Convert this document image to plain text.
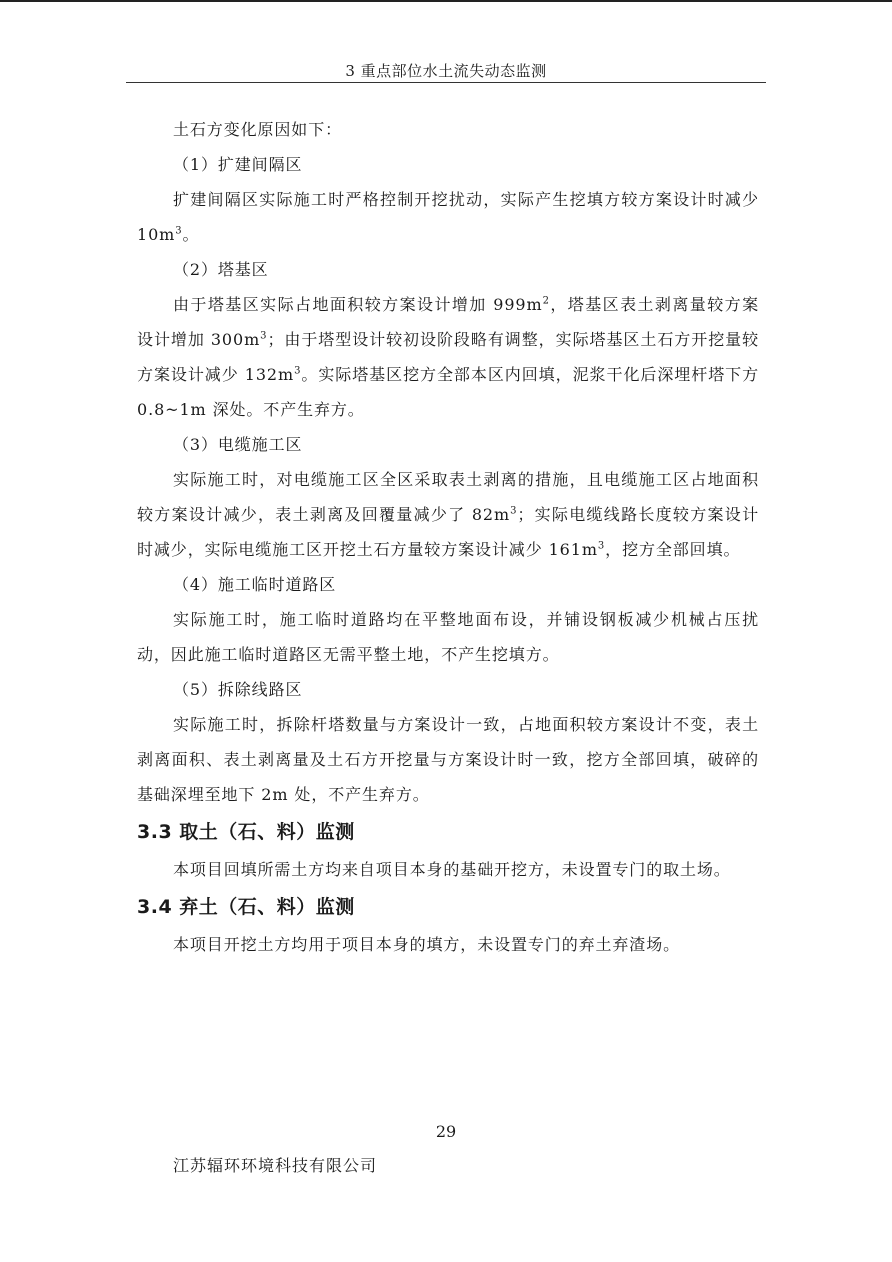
3 重点部位水土流失动态监测

土石方变化原因如下：

（1）扩建间隔区

扩建间隔区实际施工时严格控制开挖扰动，实际产生挖填方较方案设计时减少 $10m^3$。

（2）塔基区

由于塔基区实际占地面积较方案设计增加 $999m^2$，塔基区表土剥离量较方案设计增加 $300m^3$；由于塔型设计较初设阶段略有调整，实际塔基区土石方开挖量较方案设计减少 $132m^3$。实际塔基区挖方全部本区内回填，泥浆干化后深埋杆塔下方 0.8~1m 深处。不产生弃方。

（3）电缆施工区

实际施工时，对电缆施工区全区采取表土剥离的措施，且电缆施工区占地面积较方案设计减少，表土剥离及回覆量减少了 $82m^3$；实际电缆线路长度较方案设计时减少，实际电缆施工区开挖土石方量较方案设计减少 $161m^3$，挖方全部回填。

（4）施工临时道路区

实际施工时，施工临时道路均在平整地面布设，并铺设钢板减少机械占压扰动，因此施工临时道路区无需平整土地，不产生挖填方。

（5）拆除线路区

实际施工时，拆除杆塔数量与方案设计一致，占地面积较方案设计不变，表土剥离面积、表土剥离量及土石方开挖量与方案设计时一致，挖方全部回填，破碎的基础深埋至地下 2m 处，不产生弃方。

3.3 取土（石、料）监测

本项目回填所需土方均来自项目本身的基础开挖方，未设置专门的取土场。

3.4 弃土（石、料）监测

本项目开挖土方均用于项目本身的填方，未设置专门的弃土弃渣场。

29
江苏辐环环境科技有限公司
